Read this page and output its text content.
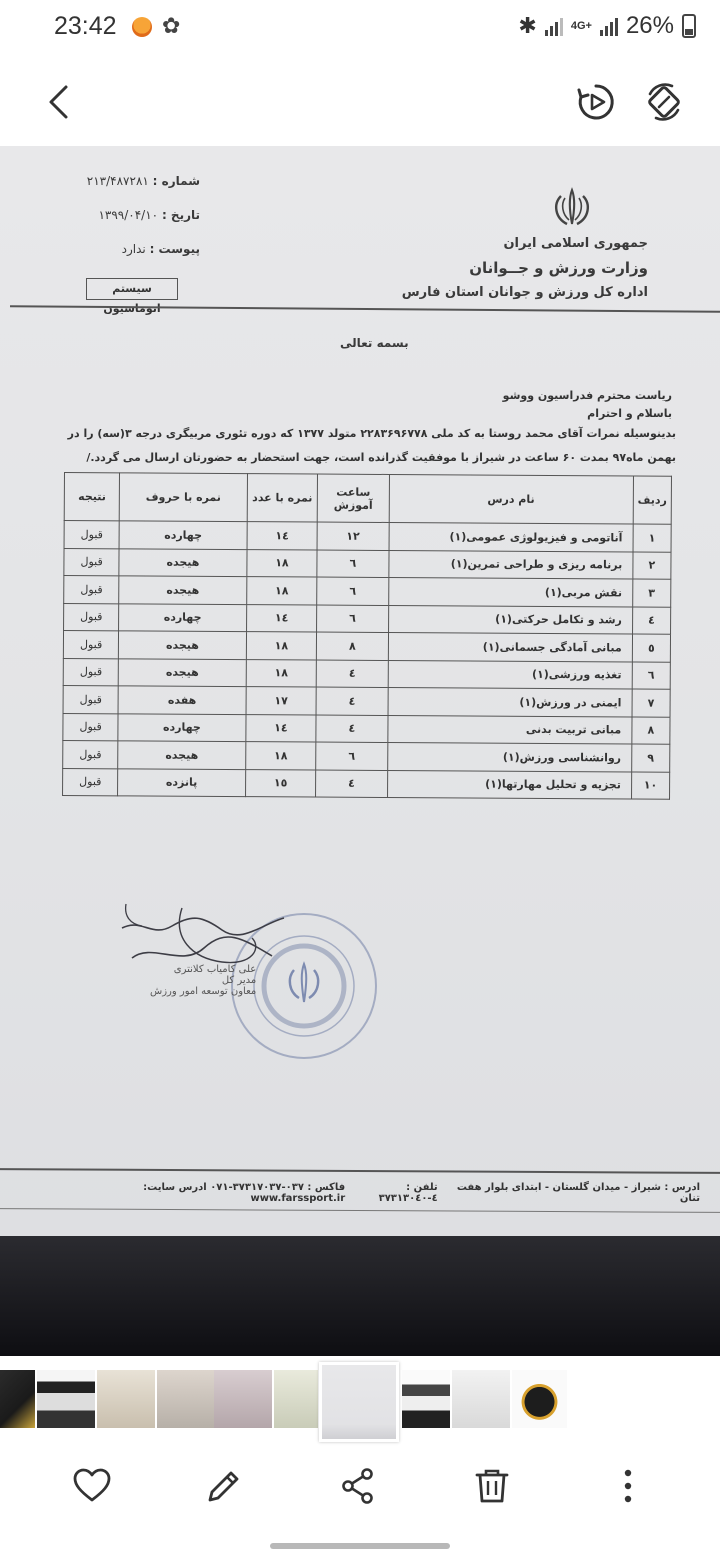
23:42 ✿	✱	4G+ 26%
شماره : ۲۱۳/۴۸۷۲۸۱
تاریخ : ۱۳۹۹/۰۴/۱۰
پیوست : ندارد
سیستم اتوماسیون
جمهوری اسلامی ایران
وزارت ورزش و جــوانان
اداره کل ورزش و جوانان استان فارس
بسمه تعالی
ریاست محترم فدراسیون ووشو
باسلام و احترام
بدینوسیله نمرات آقای محمد روستا به کد ملی ۲۲۸۳۶۹۶۷۷۸ متولد ۱۳۷۷ که دوره تئوری مربیگری درجه ۳(سه) را در
بهمن ماه۹۷ بمدت ۶۰ ساعت در شیراز با موفقیت گذرانده است، جهت استحضار به حضورتان ارسال می گردد./
ردیف	نام درس	ساعت آموزش	نمره با عدد	نمره با حروف	نتیجه
۱	آناتومی و فیزیولوژی عمومی(۱)	۱۲	۱٤	چهارده	قبول
۲	برنامه ریزی و طراحی تمرین(۱)	٦	۱۸	هیجده	قبول
۳	نقش مربی(۱)	٦	۱۸	هیجده	قبول
٤	رشد و تکامل حرکتی(۱)	٦	۱٤	چهارده	قبول
٥	مبانی آمادگی جسمانی(۱)	۸	۱۸	هیجده	قبول
٦	تغذیه ورزشی(۱)	٤	۱۸	هیجده	قبول
۷	ایمنی در ورزش(۱)	٤	۱۷	هفده	قبول
۸	مبانی تربیت بدنی	٤	۱٤	چهارده	قبول
۹	روانشناسی ورزش(۱)	٦	۱۸	هیجده	قبول
۱۰	تجزیه و تحلیل مهارتها(۱)	٤	۱٥	پانزده	قبول
علی کامیاب کلانتری
مدیر کل
معاون توسعه امور ورزش
ادرس : شیراز - میدان گلستان - ابتدای بلوار هفت تنان
تلفن : ٤-۳۷۳۱۳۰٤۰
فاکس : ۰۳۷-۳۷۳۱۷۰۳۷-۰۷۱ ادرس سایت: www.farssport.ir
